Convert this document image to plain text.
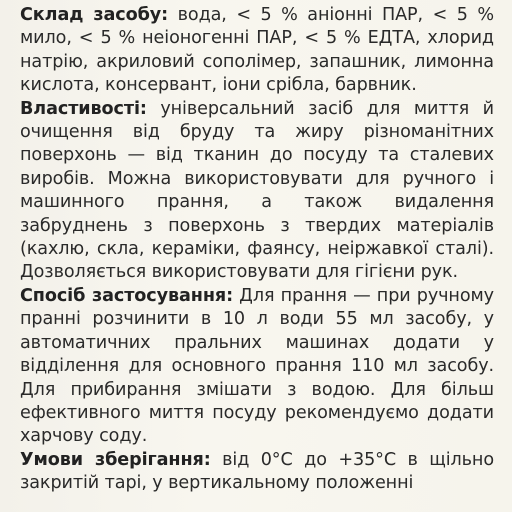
Склад засобу: вода, < 5 % аніонні ПАР, < 5 % мило, < 5 % неіоногенні ПАР, < 5 % ЕДТА, хлорид натрію, акриловий сополімер, запашник, лимонна кислота, консервант, іони срібла, барвник.

Властивості: універсальний засіб для миття й очищення від бруду та жиру різноманітних поверхонь — від тканин до посуду та сталевих виробів. Можна використовувати для ручного і машинного прання, а також видалення забруднень з поверхонь з твердих матеріалів (кахлю, скла, кераміки, фаянсу, неіржавкої сталі). Дозволяється використовувати для гігієни рук.

Спосіб застосування: Для прання — при ручному пранні розчинити в 10 л води 55 мл засобу, у автоматичних пральних машинах додати у відділення для основного прання 110 мл засобу. Для прибирання змішати з водою. Для більш ефективного миття посуду рекомендуємо додати харчову соду.

Умови зберігання: від 0°C до +35°C в щільно закритій тарі, у вертикальному положенні
